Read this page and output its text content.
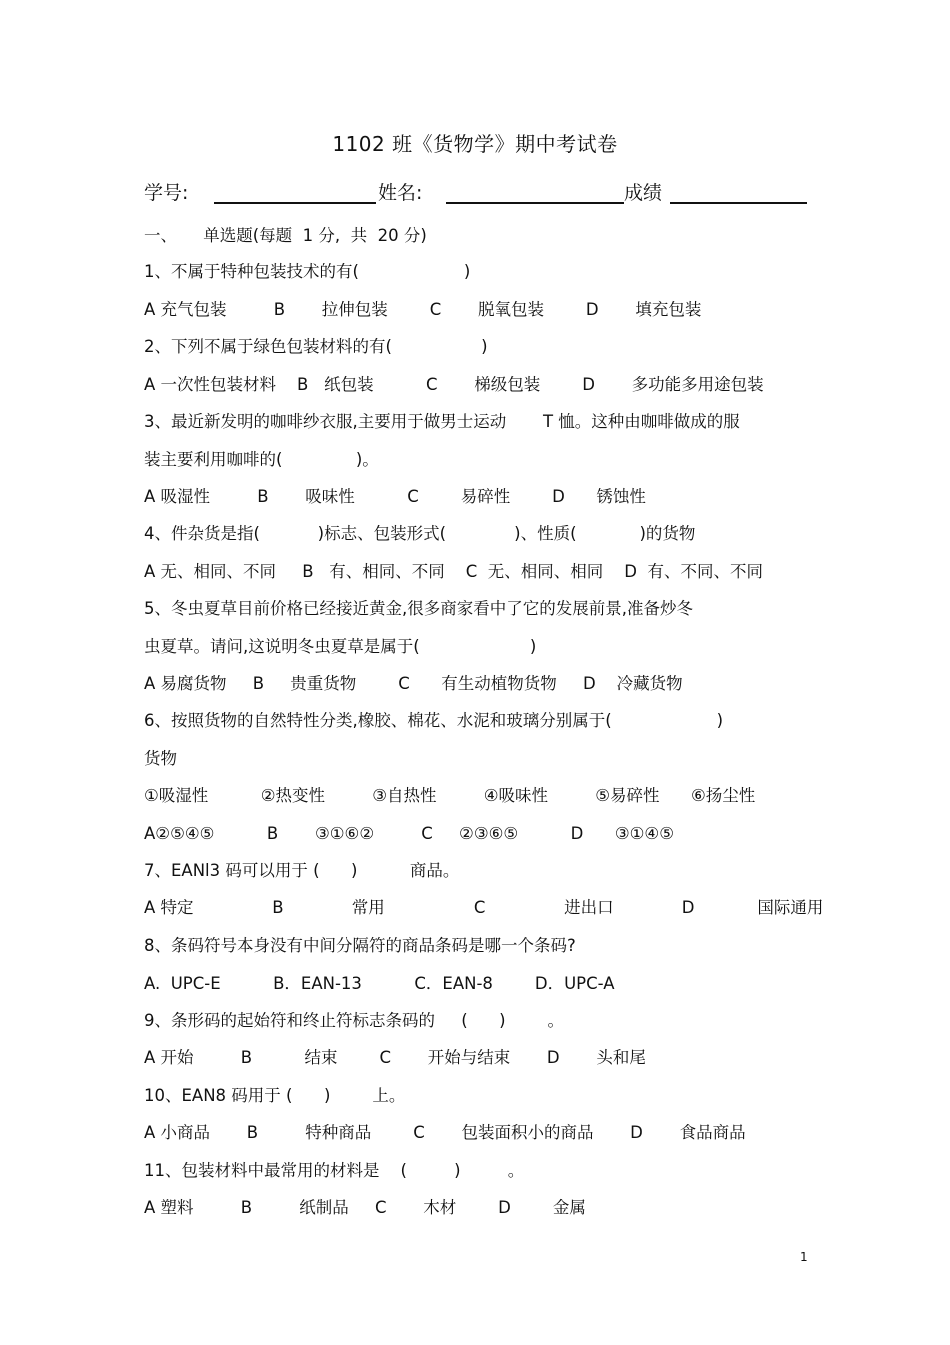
1102 班《货物学》期中考试卷
学号:	姓名:	成绩
一、     单选题(每题  1 分,  共  20 分)
1、不属于特种包装技术的有(                    )
A 充气包装         B       拉伸包装        C       脱氧包装        D       填充包装
2、下列不属于绿色包装材料的有(                 )
A 一次性包装材料    B   纸包装          C       梯级包装        D       多功能多用途包装
3、最近新发明的咖啡纱衣服,主要用于做男士运动       T 恤。这种由咖啡做成的服
装主要利用咖啡的(              )。
A 吸湿性         B       吸味性          C        易碎性        D      锈蚀性
4、件杂货是指(           )标志、包装形式(             )、性质(            )的货物
A 无、相同、不同     B   有、相同、不同    C  无、相同、相同    D  有、不同、不同
5、冬虫夏草目前价格已经接近黄金,很多商家看中了它的发展前景,准备炒冬
虫夏草。请问,这说明冬虫夏草是属于(                     )
A 易腐货物     B     贵重货物        C      有生动植物货物     D    冷藏货物
6、按照货物的自然特性分类,橡胶、棉花、水泥和玻璃分别属于(                    )
货物
①吸湿性          ②热变性         ③自热性         ④吸味性         ⑤易碎性      ⑥扬尘性
A②⑤④⑤          B       ③①⑥②         C     ②③⑥⑤          D      ③①④⑤
7、EANl3 码可以用于 (      )          商品。
A 特定               B             常用                 C               进出口             D            国际通用
8、条码符号本身没有中间分隔符的商品条码是哪一个条码?
A.  UPC-E          B．EAN-13          C．EAN-8        D．UPC-A
9、条形码的起始符和终止符标志条码的     (      )        。
A 开始         B          结束        C       开始与结束       D       头和尾
10、EAN8 码用于 (      )        上。
A 小商品       B         特种商品        C       包装面积小的商品       D       食品商品
11、包装材料中最常用的材料是    (         )         。
A 塑料         B         纸制品     C       木材        D        金属
1
